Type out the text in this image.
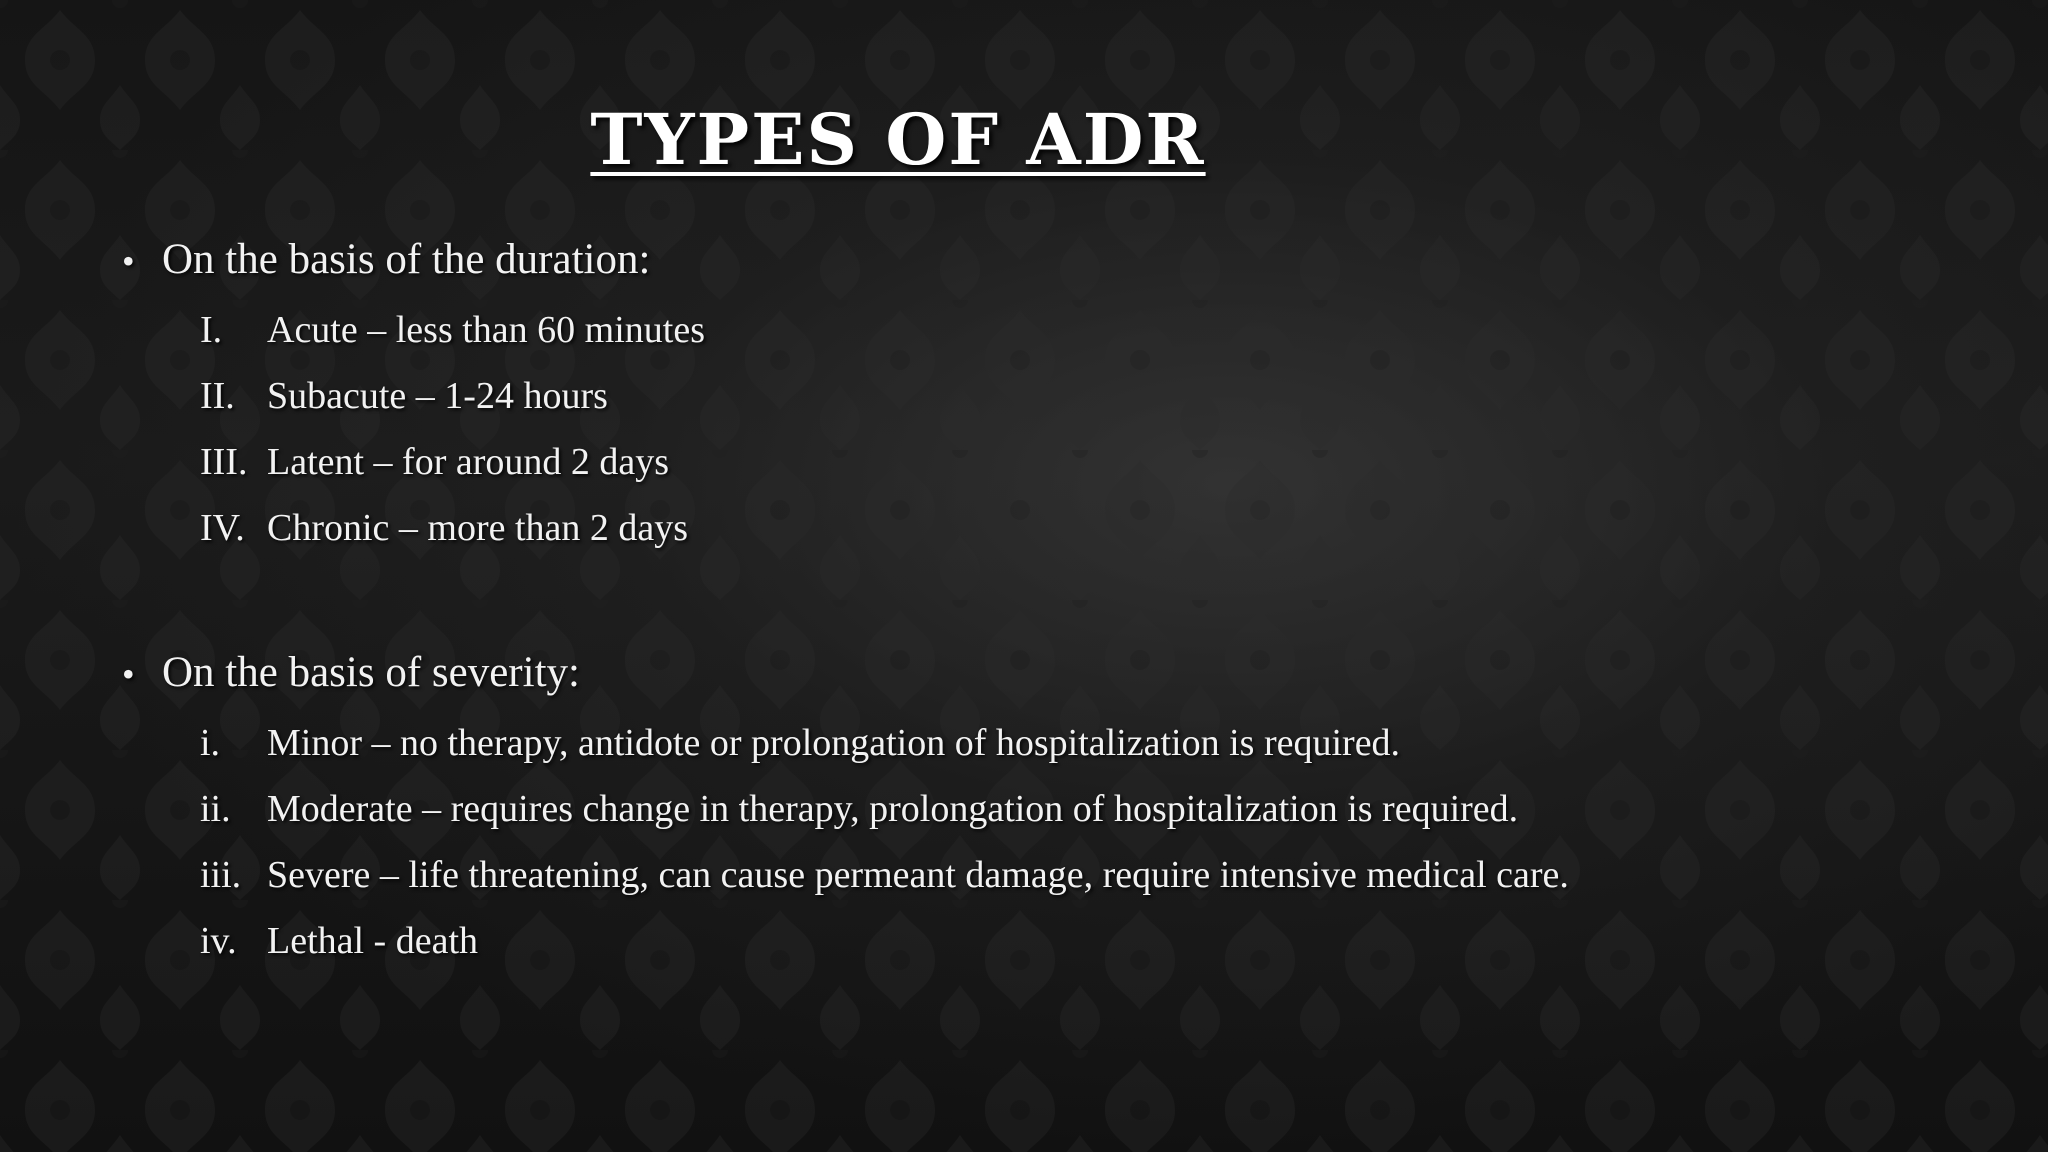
TYPES OF ADR
• On the basis of the duration:
I. Acute – less than 60 minutes
II. Subacute – 1-24 hours
III. Latent – for around 2 days
IV. Chronic – more than 2 days
• On the basis of severity:
i. Minor – no therapy, antidote or prolongation of hospitalization is required.
ii. Moderate – requires change in therapy, prolongation of hospitalization is required.
iii. Severe – life threatening, can cause permeant damage, require intensive medical care.
iv. Lethal - death
